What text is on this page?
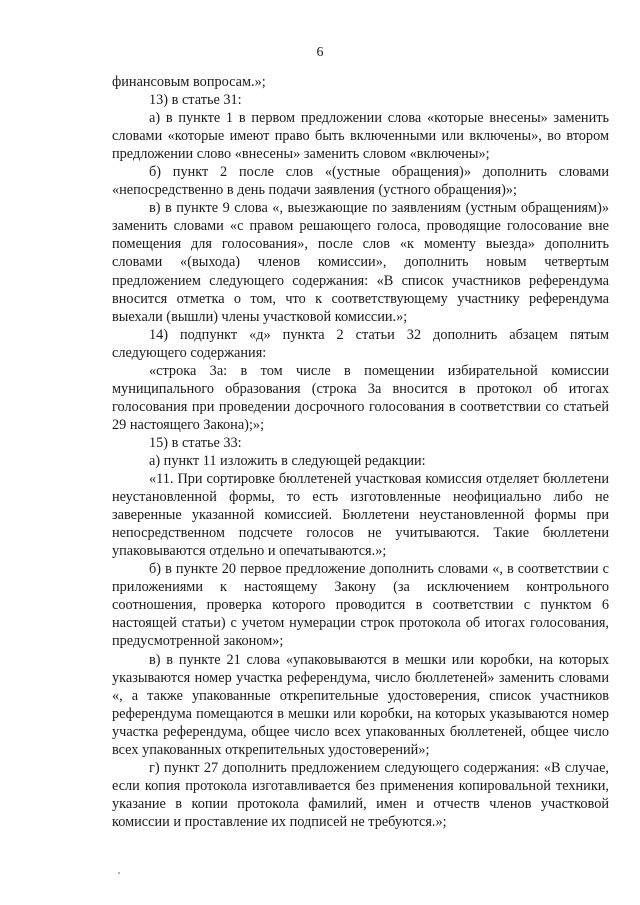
6

финансовым вопросам.»;

13) в статье 31:

а) в пункте 1 в первом предложении слова «которые внесены» заменить словами «которые имеют право быть включенными или включены», во втором предложении слово «внесены» заменить словом «включены»;

б) пункт 2 после слов «(устные обращения)» дополнить словами «непосредственно в день подачи заявления (устного обращения)»;

в) в пункте 9 слова «, выезжающие по заявлениям (устным обращениям)» заменить словами «с правом решающего голоса, проводящие голосование вне помещения для голосования», после слов «к моменту выезда» дополнить словами «(выхода) членов комиссии», дополнить новым четвертым предложением следующего содержания: «В список участников референдума вносится отметка о том, что к соответствующему участнику референдума выехали (вышли) члены участковой комиссии.»;

14) подпункт «д» пункта 2 статьи 32 дополнить абзацем пятым следующего содержания:

«строка 3а: в том числе в помещении избирательной комиссии муниципального образования (строка 3а вносится в протокол об итогах голосования при проведении досрочного голосования в соответствии со статьей 29 настоящего Закона);»;

15) в статье 33:

а) пункт 11 изложить в следующей редакции:

«11. При сортировке бюллетеней участковая комиссия отделяет бюллетени неустановленной формы, то есть изготовленные неофициально либо не заверенные указанной комиссией. Бюллетени неустановленной формы при непосредственном подсчете голосов не учитываются. Такие бюллетени упаковываются отдельно и опечатываются.»;

б) в пункте 20 первое предложение дополнить словами «, в соответствии с приложениями к настоящему Закону (за исключением контрольного соотношения, проверка которого проводится в соответствии с пунктом 6 настоящей статьи) с учетом нумерации строк протокола об итогах голосования, предусмотренной законом»;

в) в пункте 21 слова «упаковываются в мешки или коробки, на которых указываются номер участка референдума, число бюллетеней» заменить словами «, а также упакованные открепительные удостоверения, список участников референдума помещаются в мешки или коробки, на которых указываются номер участка референдума, общее число всех упакованных бюллетеней, общее число всех упакованных открепительных удостоверений»;

г) пункт 27 дополнить предложением следующего содержания: «В случае, если копия протокола изготавливается без применения копировальной техники, указание в копии протокола фамилий, имен и отчеств членов участковой комиссии и проставление их подписей не требуются.»;
